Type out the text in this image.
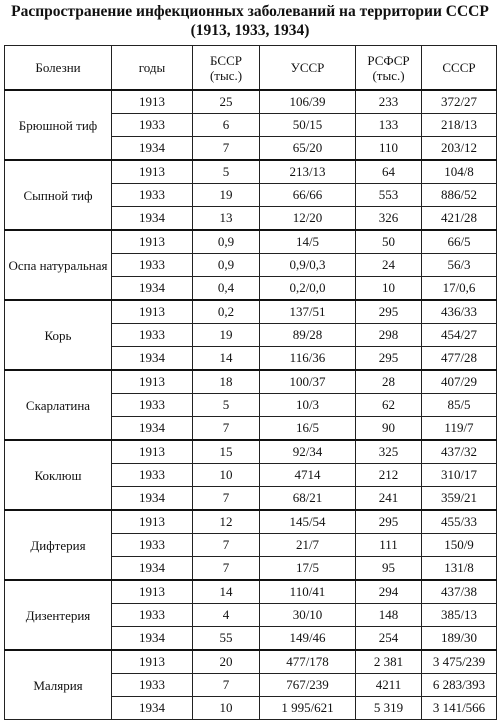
Распространение инфекционных заболеваний на территории СССР
(1913, 1933, 1934)
Болезни	годы	БССР (тыс.)	УССР	РСФСР (тыс.)	СССР
Брюшной тиф	1913	25	106/39	233	372/27
	1933	6	50/15	133	218/13
	1934	7	65/20	110	203/12
Сыпной тиф	1913	5	213/13	64	104/8
	1933	19	66/66	553	886/52
	1934	13	12/20	326	421/28
Оспа натуральная	1913	0,9	14/5	50	66/5
	1933	0,9	0,9/0,3	24	56/3
	1934	0,4	0,2/0,0	10	17/0,6
Корь	1913	0,2	137/51	295	436/33
	1933	19	89/28	298	454/27
	1934	14	116/36	295	477/28
Скарлатина	1913	18	100/37	28	407/29
	1933	5	10/3	62	85/5
	1934	7	16/5	90	119/7
Коклюш	1913	15	92/34	325	437/32
	1933	10	4714	212	310/17
	1934	7	68/21	241	359/21
Дифтерия	1913	12	145/54	295	455/33
	1933	7	21/7	111	150/9
	1934	7	17/5	95	131/8
Дизентерия	1913	14	110/41	294	437/38
	1933	4	30/10	148	385/13
	1934	55	149/46	254	189/30
Малярия	1913	20	477/178	2 381	3 475/239
	1933	7	767/239	4211	6 283/393
	1934	10	1 995/621	5 319	3 141/566
